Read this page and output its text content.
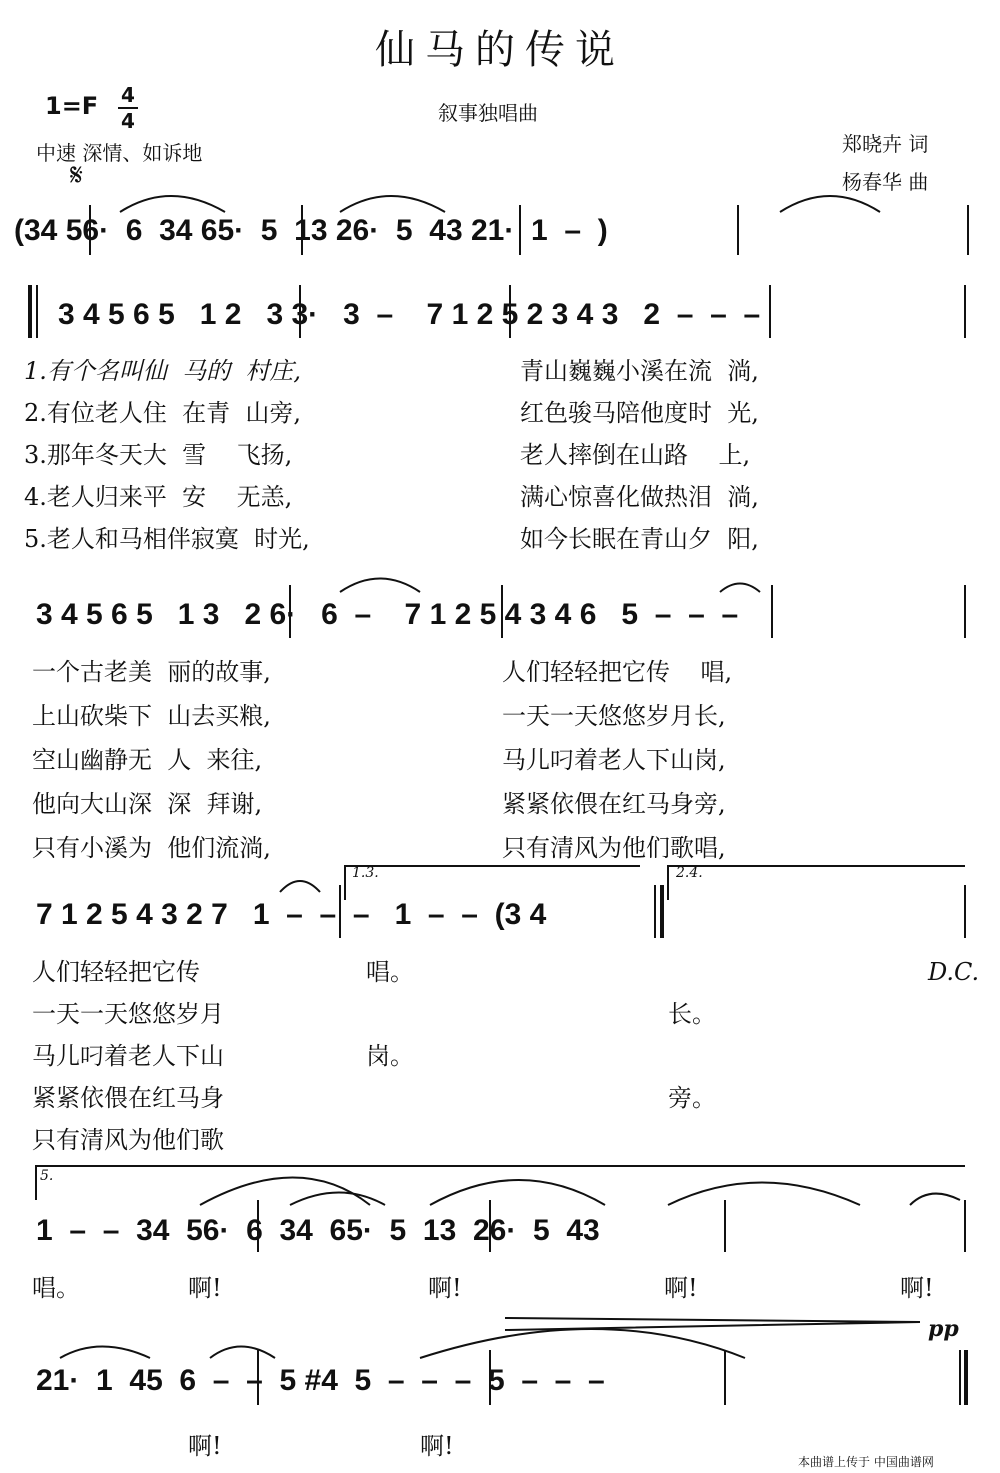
仙马的传说
1=F 4
4	叙事独唱曲
中速 深情、如诉地
𝄋
郑晓卉 词
杨春华 曲
(34 56·  6  34 65·  5  13 26·  5  43 21·  1  –  )
3 4 5 6 5   1 2   3 3·   3  –    7 1 2 5 2 3 4 3   2  –  –  –
1.有个名叫仙  马的  村庄,	青山巍巍小溪在流  淌,
2.有位老人住  在青  山旁,	红色骏马陪他度时  光,
3.那年冬天大  雪    飞扬,	老人摔倒在山路    上,
4.老人归来平  安    无恙,	满心惊喜化做热泪  淌,
5.老人和马相伴寂寞  时光,	如今长眠在青山夕  阳,
3 4 5 6 5   1 3   2 6·   6  –    7 1 2 5 4 3 4 6   5  –  –  –
一个古老美  丽的故事,	人们轻轻把它传    唱,
上山砍柴下  山去买粮,	一天一天悠悠岁月长,
空山幽静无  人  来往,	马儿叼着老人下山岗,
他向大山深  深  拜谢,	紧紧依偎在红马身旁,
只有小溪为  他们流淌,	只有清风为他们歌唱,
1.3.	2.4.
7 1 2 5 4 3 2 7   1  –  –  –   1  –  –  (3 4
D.C.
人们轻轻把它传	唱。
一天一天悠悠岁月	长。
马儿叼着老人下山	岗。
紧紧依偎在红马身	旁。
只有清风为他们歌
5.
1  –  –  34  56·  6  34  65·  5  13  26·  5  43
唱。	啊!	啊!	啊!	啊!
pp
21·  1  45  6  –  –  5 #4  5  –  –  –  5  –  –  –
啊!	啊!
本曲谱上传于 中国曲谱网
